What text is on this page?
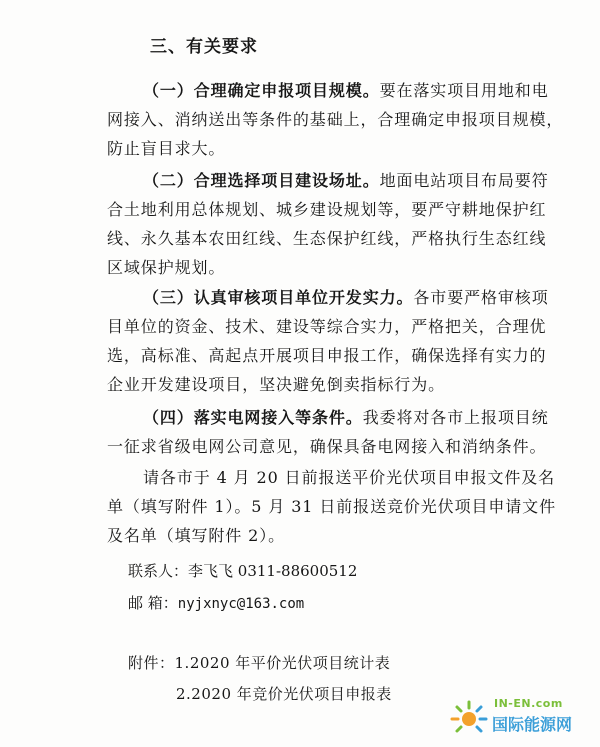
三、有关要求
（一）合理确定申报项目规模。要在落实项目用地和电
网接入、消纳送出等条件的基础上，合理确定申报项目规模，
防止盲目求大。
（二）合理选择项目建设场址。地面电站项目布局要符
合土地利用总体规划、城乡建设规划等，要严守耕地保护红
线、永久基本农田红线、生态保护红线，严格执行生态红线
区域保护规划。
（三）认真审核项目单位开发实力。各市要严格审核项
目单位的资金、技术、建设等综合实力，严格把关，合理优
选，高标准、高起点开展项目申报工作，确保选择有实力的
企业开发建设项目，坚决避免倒卖指标行为。
（四）落实电网接入等条件。我委将对各市上报项目统
一征求省级电网公司意见，确保具备电网接入和消纳条件。
请各市于 4 月 20 日前报送平价光伏项目申报文件及名
单（填写附件 1）。5 月 31 日前报送竞价光伏项目申请文件
及名单（填写附件 2）。
联系人：李飞飞 0311-88600512
邮 箱：nyjxnyc@163.com
附件：1.2020 年平价光伏项目统计表
2.2020 年竞价光伏项目申报表
IN-EN.com
国际能源网
